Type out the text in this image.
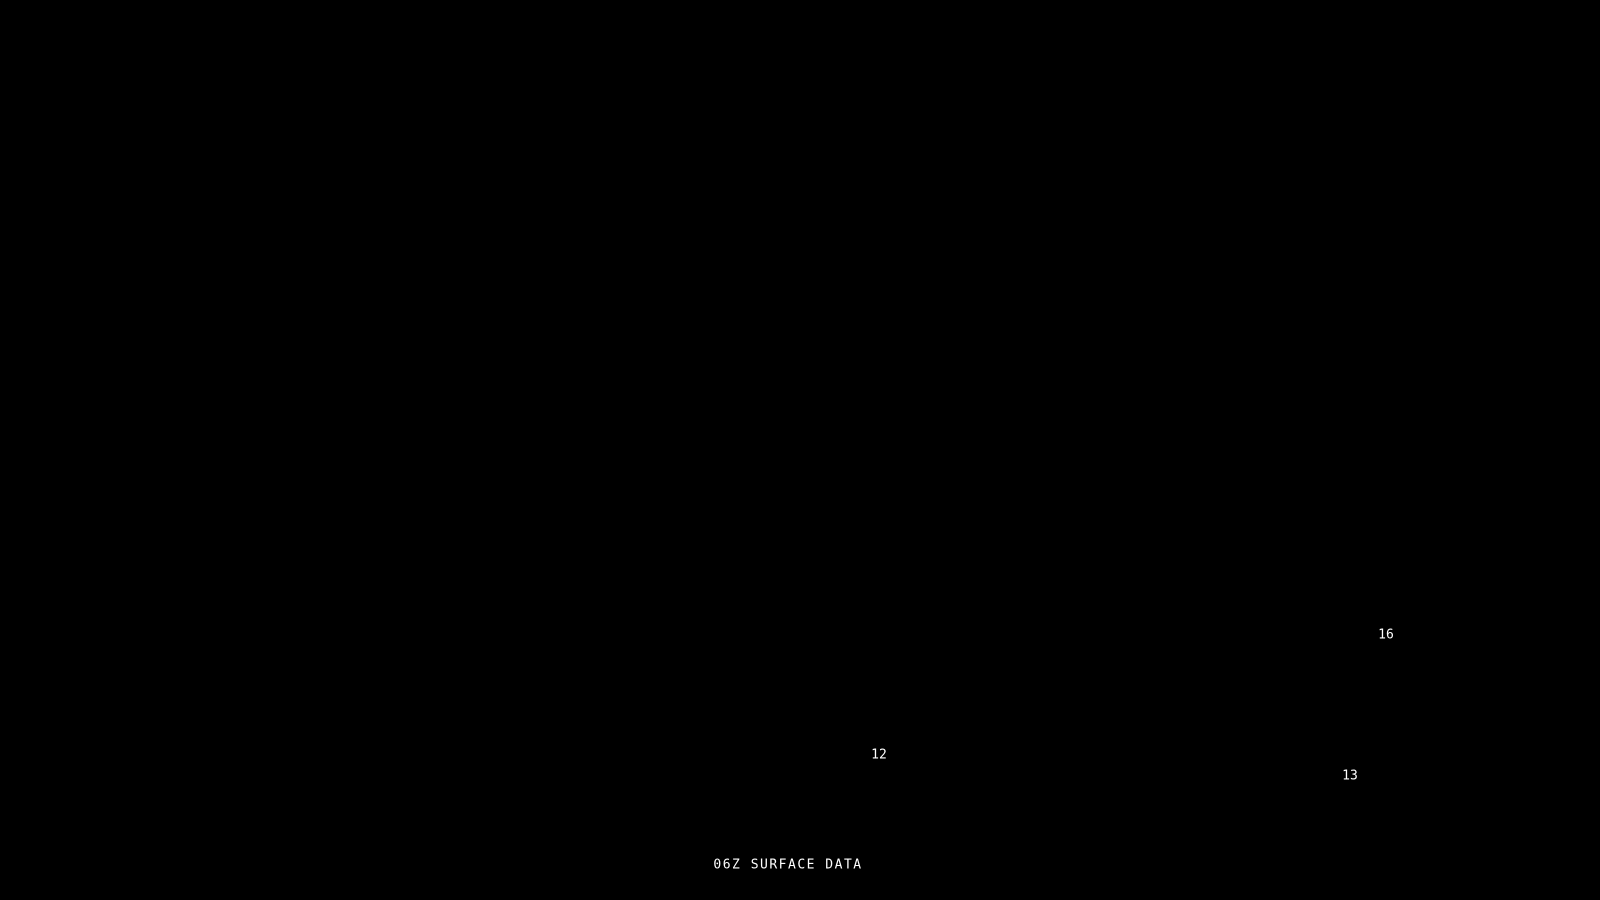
16
12
13
06Z SURFACE DATA
